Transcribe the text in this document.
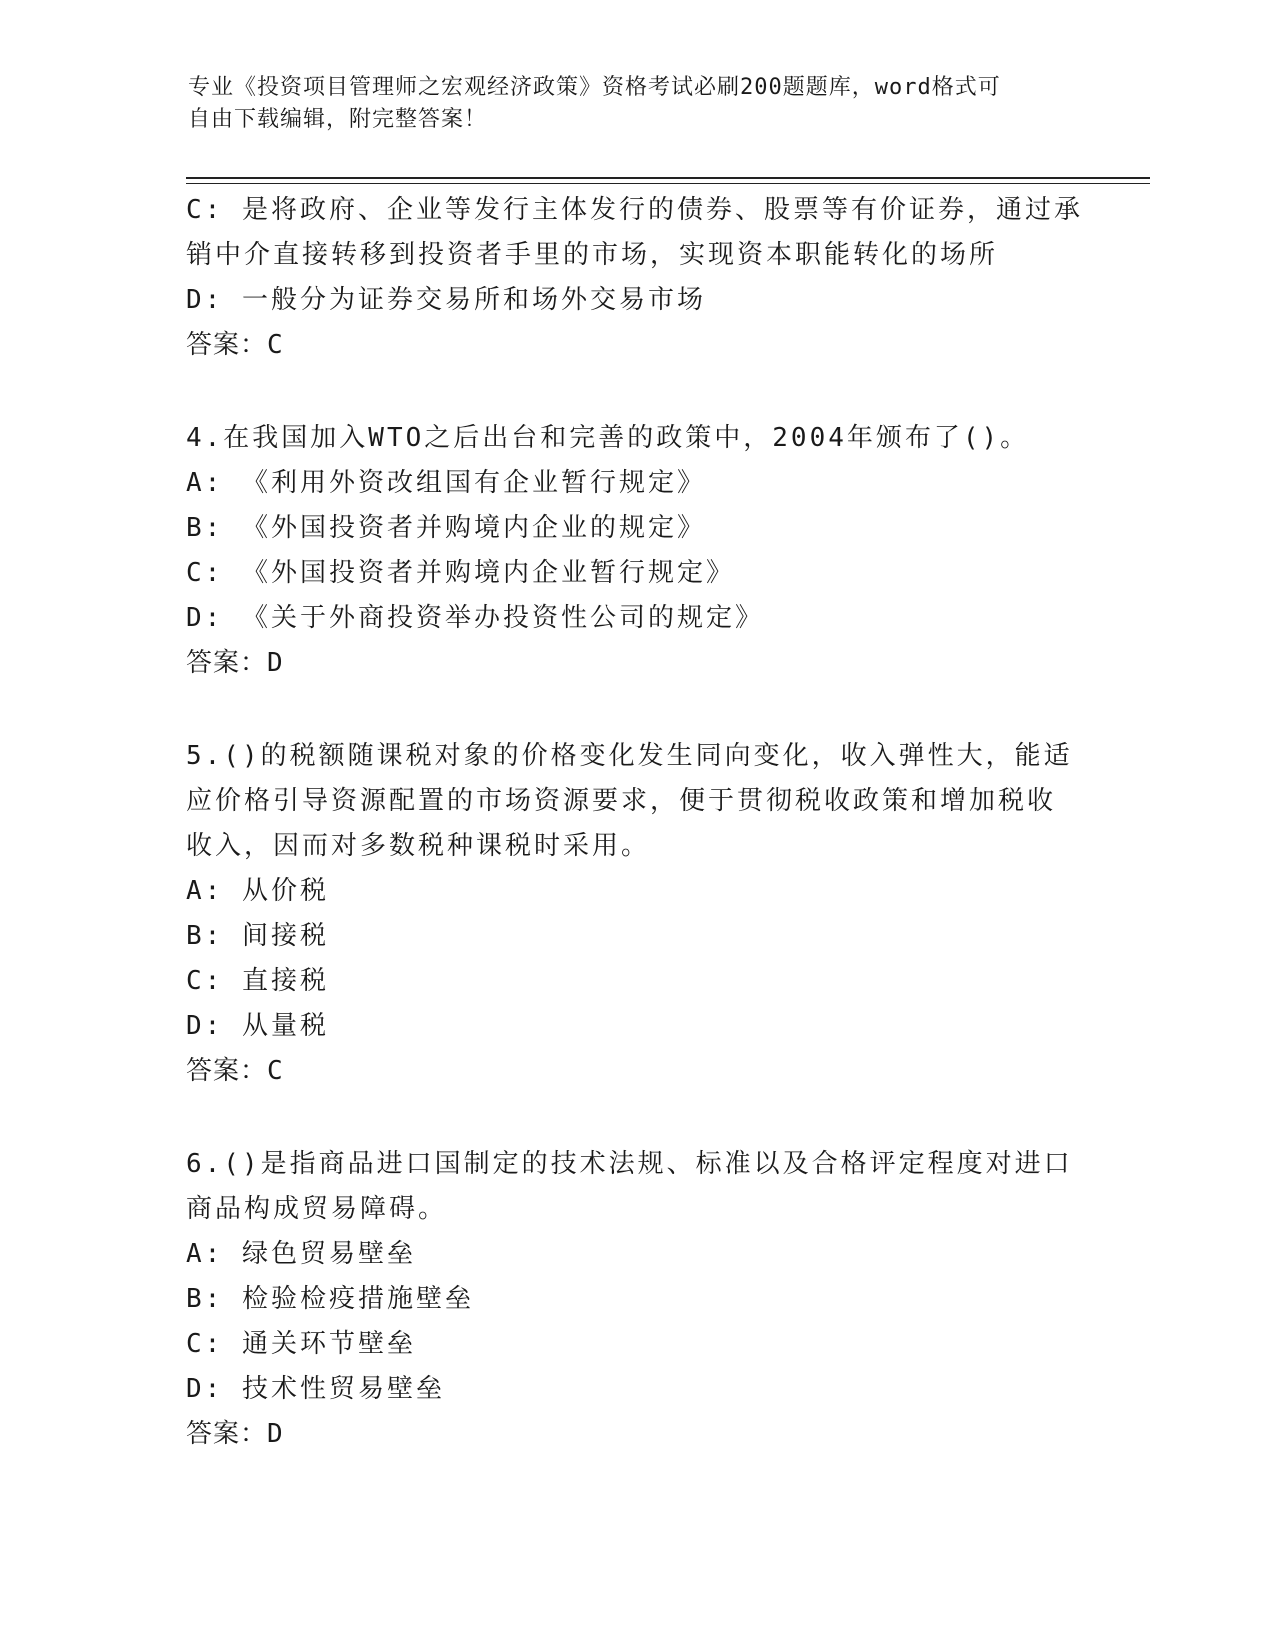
专业《投资项目管理师之宏观经济政策》资格考试必刷200题题库，word格式可
自由下载编辑，附完整答案！
C: 是将政府、企业等发行主体发行的债券、股票等有价证券，通过承
销中介直接转移到投资者手里的市场，实现资本职能转化的场所
D: 一般分为证券交易所和场外交易市场
答案：C
4.在我国加入WTO之后出台和完善的政策中，2004年颁布了()。
A: 《利用外资改组国有企业暂行规定》
B: 《外国投资者并购境内企业的规定》
C: 《外国投资者并购境内企业暂行规定》
D: 《关于外商投资举办投资性公司的规定》
答案：D
5.()的税额随课税对象的价格变化发生同向变化，收入弹性大，能适
应价格引导资源配置的市场资源要求，便于贯彻税收政策和增加税收
收入，因而对多数税种课税时采用。
A: 从价税
B: 间接税
C: 直接税
D: 从量税
答案：C
6.()是指商品进口国制定的技术法规、标准以及合格评定程度对进口
商品构成贸易障碍。
A: 绿色贸易壁垒
B: 检验检疫措施壁垒
C: 通关环节壁垒
D: 技术性贸易壁垒
答案：D
